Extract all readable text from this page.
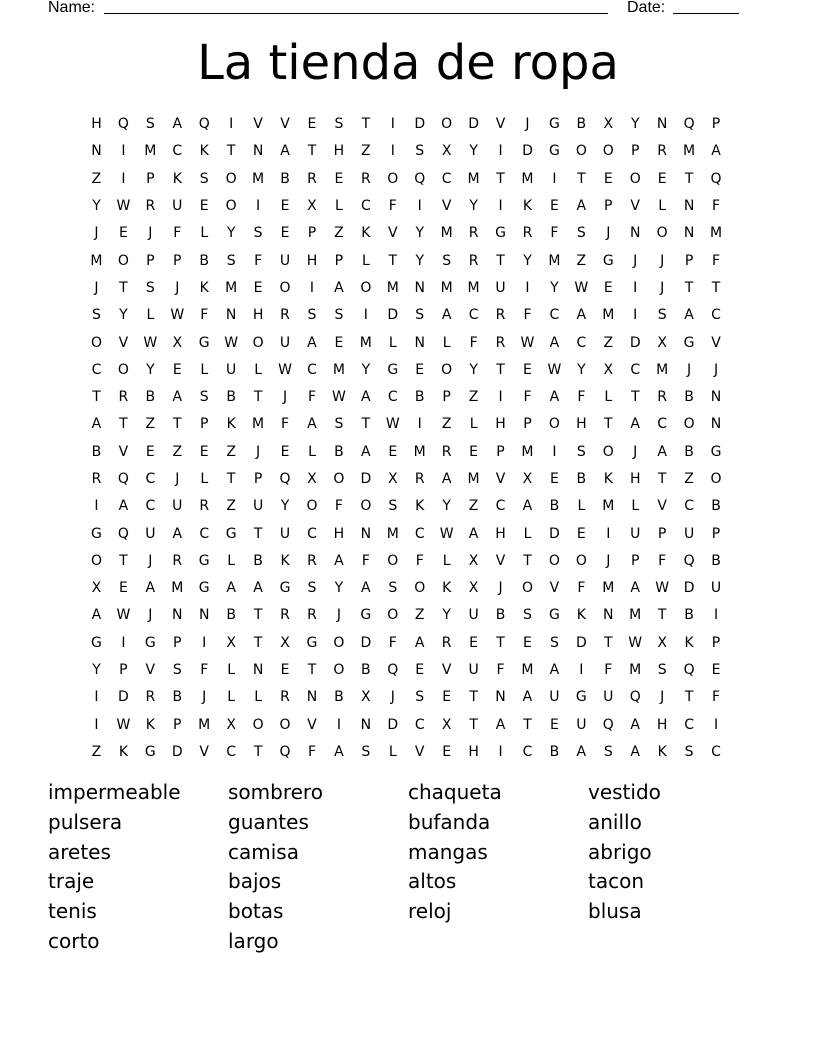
Name:	Date:
La tienda de ropa
H	Q	S	A	Q	I	V	V	E	S	T	I	D	O	D	V	J	G	B	X	Y	N	Q	P
N	I	M	C	K	T	N	A	T	H	Z	I	S	X	Y	I	D	G	O	O	P	R	M	A
Z	I	P	K	S	O	M	B	R	E	R	O	Q	C	M	T	M	I	T	E	O	E	T	Q
Y	W	R	U	E	O	I	E	X	L	C	F	I	V	Y	I	K	E	A	P	V	L	N	F
J	E	J	F	L	Y	S	E	P	Z	K	V	Y	M	R	G	R	F	S	J	N	O	N	M
M	O	P	P	B	S	F	U	H	P	L	T	Y	S	R	T	Y	M	Z	G	J	J	P	F
J	T	S	J	K	M	E	O	I	A	O	M	N	M	M	U	I	Y	W	E	I	J	T	T
S	Y	L	W	F	N	H	R	S	S	I	D	S	A	C	R	F	C	A	M	I	S	A	C
O	V	W	X	G	W	O	U	A	E	M	L	N	L	F	R	W	A	C	Z	D	X	G	V
C	O	Y	E	L	U	L	W	C	M	Y	G	E	O	Y	T	E	W	Y	X	C	M	J	J
T	R	B	A	S	B	T	J	F	W	A	C	B	P	Z	I	F	A	F	L	T	R	B	N
A	T	Z	T	P	K	M	F	A	S	T	W	I	Z	L	H	P	O	H	T	A	C	O	N
B	V	E	Z	E	Z	J	E	L	B	A	E	M	R	E	P	M	I	S	O	J	A	B	G
R	Q	C	J	L	T	P	Q	X	O	D	X	R	A	M	V	X	E	B	K	H	T	Z	O
I	A	C	U	R	Z	U	Y	O	F	O	S	K	Y	Z	C	A	B	L	M	L	V	C	B
G	Q	U	A	C	G	T	U	C	H	N	M	C	W	A	H	L	D	E	I	U	P	U	P
O	T	J	R	G	L	B	K	R	A	F	O	F	L	X	V	T	O	O	J	P	F	Q	B
X	E	A	M	G	A	A	G	S	Y	A	S	O	K	X	J	O	V	F	M	A	W	D	U
A	W	J	N	N	B	T	R	R	J	G	O	Z	Y	U	B	S	G	K	N	M	T	B	I
G	I	G	P	I	X	T	X	G	O	D	F	A	R	E	T	E	S	D	T	W	X	K	P
Y	P	V	S	F	L	N	E	T	O	B	Q	E	V	U	F	M	A	I	F	M	S	Q	E
I	D	R	B	J	L	L	R	N	B	X	J	S	E	T	N	A	U	G	U	Q	J	T	F
I	W	K	P	M	X	O	O	V	I	N	D	C	X	T	A	T	E	U	Q	A	H	C	I
Z	K	G	D	V	C	T	Q	F	A	S	L	V	E	H	I	C	B	A	S	A	K	S	C
impermeable
pulsera
aretes
traje
tenis
corto
sombrero
guantes
camisa
bajos
botas
largo
chaqueta
bufanda
mangas
altos
reloj
vestido
anillo
abrigo
tacon
blusa
